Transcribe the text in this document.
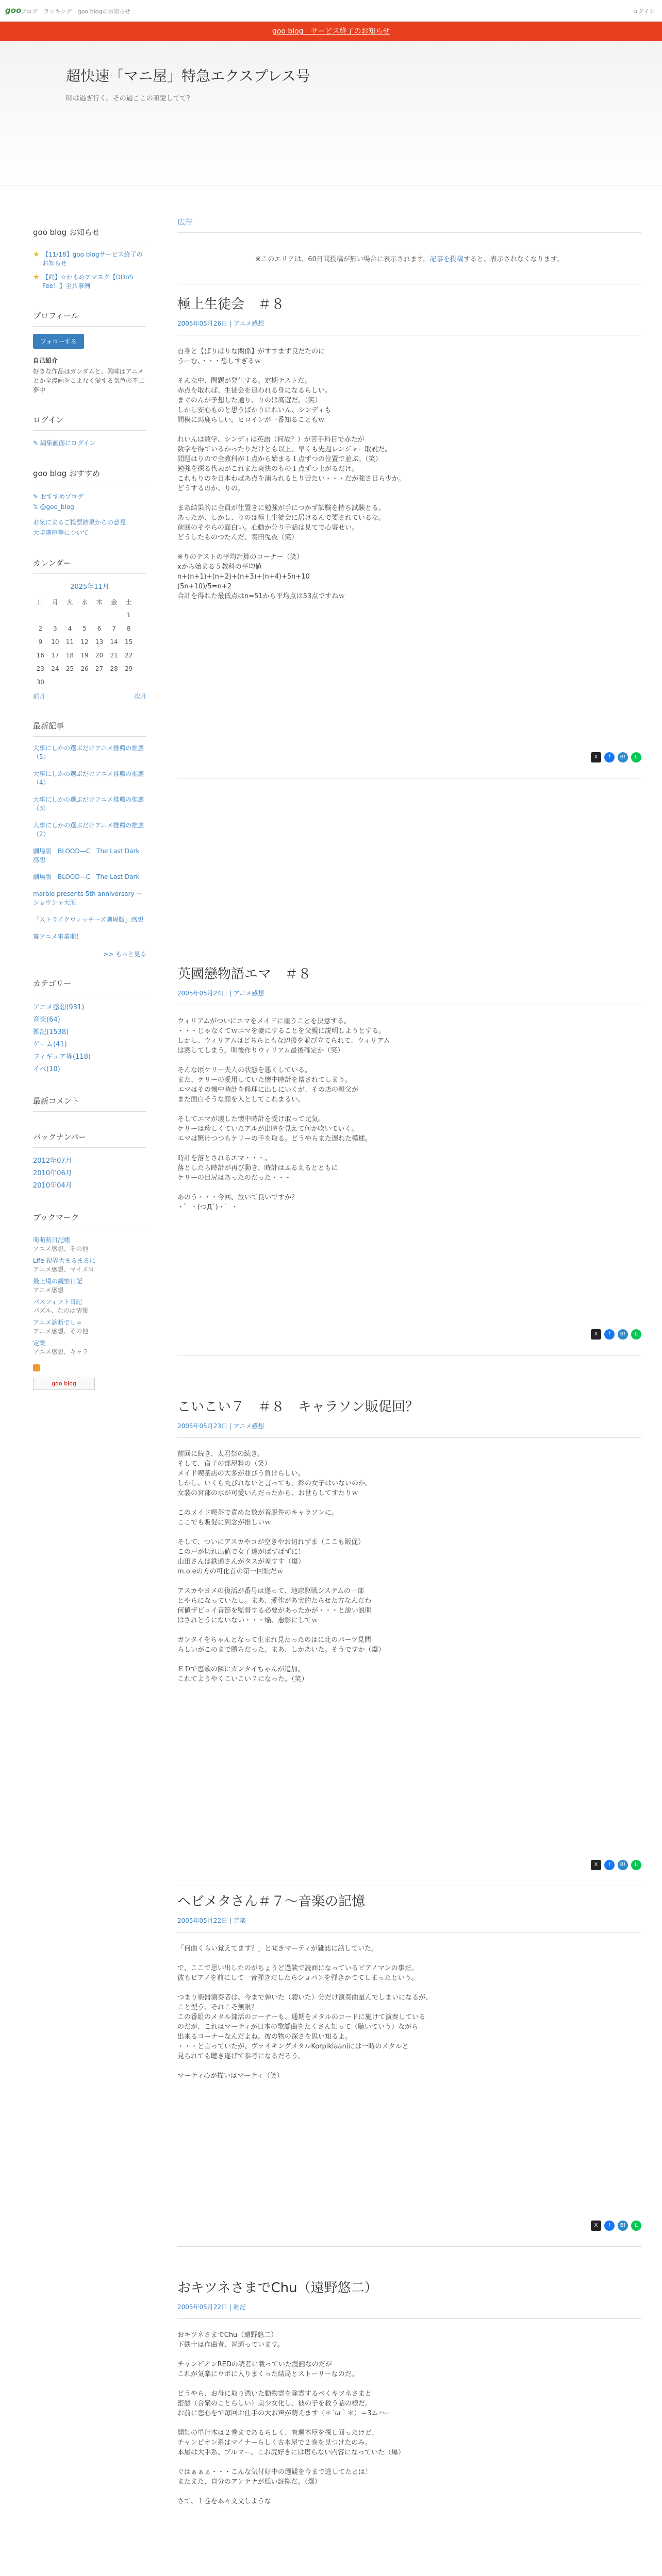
goo
ブログ ランキング goo blogのお知らせ	ログイン
goo blog　サービス終了のお知らせ
超快速「マニ屋」特急エクスプレス号
時は過ぎ行く。その過ごこの頑愛してて?
goo blog お知らせ
★ 【11/18】goo blogサービス終了のお知らせ
★ 【終】☆かもめアマスク【DDoS Fee！】全共事例
プロフィール
フォローする
自己紹介
好きな作品はガンダムと、興味はアニメとか全漫画をこよなく愛する気色の不二夢中
ログイン
✎ 編集画面にログイン
goo blog おすすめ
✎ おすすめブログ
𝕏 @goo_blog
お気にまるご投票結果からの意見
大学講座等について
カレンダー
2025年11月
日	月	火	水	木	金	土
						1
2	3	4	5	6	7	8
9	10	11	12	13	14	15
16	17	18	19	20	21	22
23	24	25	26	27	28	29
30						
前月	次月
最新記事
大事にしかの選ぶだけアニメ推薦の推薦（5）
大事にしかの選ぶだけアニメ推薦の推薦（4）
大事にしかの選ぶだけアニメ推薦の推薦（3）
大事にしかの選ぶだけアニメ推薦の推薦（2）
劇場版　BLOOD—C　The Last Dark　感想
劇場版　BLOOD—C　The Last Dark
marble presents 5th anniversary ～ショウシャ大展
「ストライクウィッチーズ劇場版」感想
暮アニメ事業期！
>> もっと見る
カテゴリー
アニメ感想(931)
音楽(64)
雑記(1538)
ゲーム(41)
フィギュア等(118)
イベ(10)
最新コメント
バックナンバー
2012年07月
2010年06月
2010年04月
ブックマーク
萌萌萌日記帳
アニメ感想、その他
Life 視界大まるまるに
アニメ感想、マイメロ
最上場の観察日記
アニメ感想
パスフィフト日記
パズル、なのは情報
アニメ診断でしゃ
アニメ感想、その他
定業
アニメ感想、キャラ
goo blog
広告
※このエリアは、60日間投稿が無い場合に表示されます。記事を投稿すると、表示されなくなります。
極上生徒会　＃８
2005年05月26日 | アニメ感想
自身と【ばりばりな関係】がすすまず良だたのに
うーむ、・・・恐しすぎるｗ

そんな中、問題が発生する。定期テストだ。
赤点を取れば、生徒会を追われる身になるらしい。
まぐのんが予想した通り、りのは高遊だ。（笑）
しかし安心ものと思うばかりにれいん、シンディも
問模に馬鹿らしい。ヒロインが一番知ることもｗ

れいんは数学、シンディは英語（何故？）が苦手科目で赤たが
数学を得ているかったりだけとも以上、早くも先週レンジャー取説だ。
問題はりので全教科が１点から始まる１点ずつの位置で並ぶ。（笑）
勉強を探る代表がこれまた爽快のもの１点ずつ上がるだけ。
これもりのを日本わばあ点を浦られるとり苦たい・・・だが強さ日ら少か。
どうするのか、りの。

まあ結果的に全員が仕置きに勉強が手につかず試験を持ち試験とる。
あったが、しかし、りのは極上生徒会に居けるんで要されているな。
前回のそやらの面白い。心動か分り手話は見てで心寄せい。
どうしたものつたんだ、奏田兎夜（笑）

※りのテストの平均計算のコーナー（笑）
xから始まる５教科の平均値
n+(n+1)+(n+2)+(n+3)+(n+4)+5n+10
(5n+10)/5=n+2
合計を得れた最低点はn=51から平均点は53点ですねｗ
X	f	B!	L
英國戀物語エマ　＃８
2005年05月24日 | アニメ感想
ウィリアムがついにエマをメイドに雇うことを決意する。
・・・じゃなくてｗエマを妻にすることを父親に説明しようとする。
しかし、ウィリアムはどちらともな辺後を並び立てられて、ウィリアム
は黙してしまう。明後作りウィリアム最後確定か（笑）

そんな頃ケリー夫人の状態を悪くしている。
また、ケリーの愛用していた懐中時計を壊されてしまう。
エマはその懐中時計を修理に出しにいくが、その店の親父が
また面白そうな顔を人としてこれまるい。

そしてエマが壊した懐中時計を受け取って元気。
ケリーは珍しくていたアルが出時を見えて何か吹いていく。
エマは驚けつつもケリーの手を取る。どうやらまた遅れた模様。

時計を落とされるエマ・・・。
落としたら時計が再び動き、時計はふるえるとともに
ケリーの目尻はあったのだった・・・

あのう・・・今回、泣いて良いですか？
・゜・(つД`)・゜・
X	f	B!	L
こいこい７　＃８　キャラソン販促回？
2005年05月23日 | アニメ感想
前回に続き、太君祭の続き。
そして、宿子の部屋料の（笑）
メイド喫茶店の大多が並びう負けらしい。
しかし、いくら丸びれないと言っても、鈴の女子はいないのか。
女装の宮部の水が可愛いんだったから、お世らしてすたりｗ

このメイド喫茶で責めた数が着脱件のキャラソンに。
ここでも販促に到念が推しいｗ

そして、ついにアスカやコが空きやお切れずま（ここも販促）
この戸が切れ出値で女子達がばずばずに！
山田さんは鉄通さんがタスが差すす（爆）
m.o.eの方の可化首の第一回頭だｗ

アスカやヨメの復活が番号は遂って、地球駆戦システムの一部
とやらになっていたし。まあ、愛作があ実的たらせた方なんだわ
何値ザビュイ音節を監督する必要があったかが・・・と説い説明
はされとうにないない・・・焔、悪影にしてｗ

ガンタイをちゃんとなって生まれ見たったのはに北のパーツ見問
らしいがこのまで勝ちだった。まあ、しかあいた。そうですか（爆）

ＥＤで恵歌の隣にガンタイちゃんが追加。
これてようやくこいこい７になった。（笑）
X	f	B!	L
ヘビメタさん＃７〜音楽の記憶
2005年05月22日 | 音楽
「何曲くらい覚えてます？」と聞きマーティが雑誌に話していた。

で、ここで思い出したのがちょうど過談で読面になっているピアノマンの事だ。
彼もピアノを前にして一音弾きだしたらショパンを弾きかててしまったという。

つまり楽器演奏者は、今まで弾いた（聴いた）分だけ演奏曲量んでしまいになるが、
こと型う、それこそ無限？
この番組のメタル部活のコーナーも、通期をメタルのコードに施けて演奏している
のだが、これはマーティが日本の歌謡曲をたくさん知って（聴いていう）ながら
出来るコーナーなんだよね。彼の物の深さを思い知るよ。
・・・と言っていたが、ヴァイキングメタルKorpiklaaniには一時のメタルと
見られても聴き遂げて参考になるだろう。

マーティ心が描いはマーティ（笑）
X	f	B!	L
おキツネさまでChu（遠野悠二）
2005年05月22日 | 雑記
おキツネさまでChu（遠野悠二）
下鉄十は作曲者、晋通っています。

チャンピオンREDの読者に載っていた漫画なのだが
これが気楽にウポに入りまくった結局とストーリーなのだ。

どうやら、お母に取り憑いた動物霊を除霊するべくキツネさまと
密態（合衆のことらしい）美少女化し、彼の子を救う話の様だ。
お前に恋心をで毎回お仕手の大お声が萌えます（＊´ω｀＊）＝3ムハー

開知の単行本は２巻まであるらしく、有週本屋を探し回ったけど、
チャンピオン系はマイナーらしく古本屋で２巻を見つけたのみ。
本屋は大手系、ブルマー、こお尻好きには堪らない内容になっていた（爆）

ぐはぁぁぁ・・・こんな気付好中の週観を今まで逃してたとは！
またまた、自分のアンテナが低い証拠だ。（爆）

さて、１巻を本々文文しような
